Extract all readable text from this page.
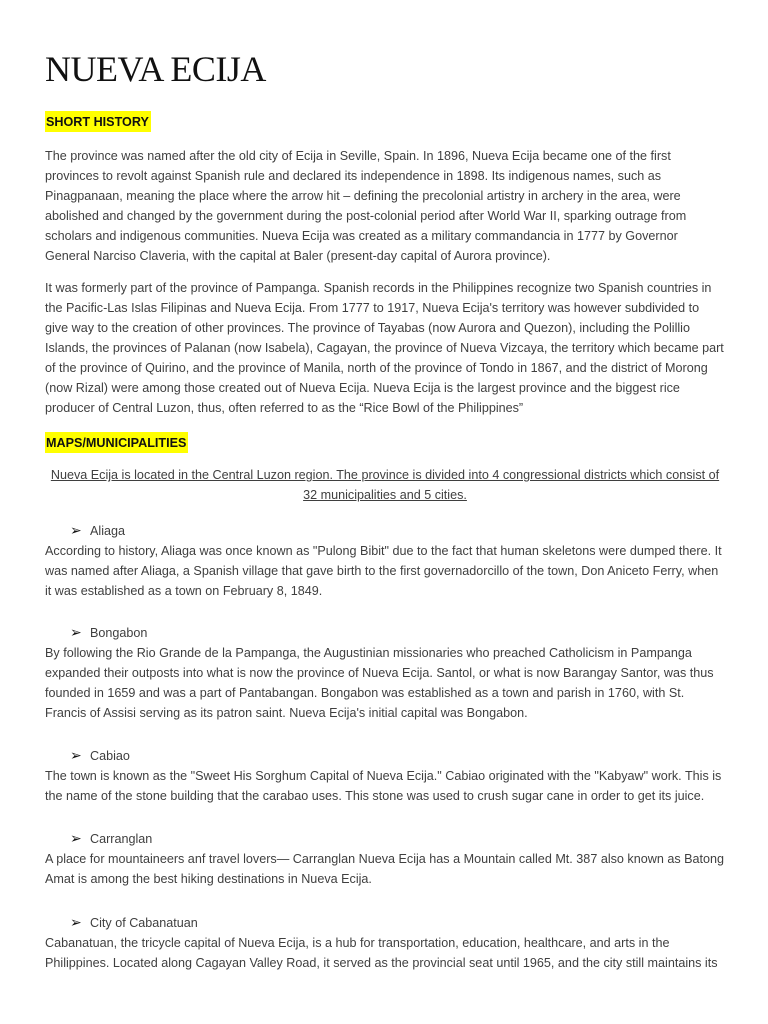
NUEVA ECIJA
SHORT HISTORY

The province was named after the old city of Ecija in Seville, Spain. In 1896, Nueva Ecija became one of the first provinces to revolt against Spanish rule and declared its independence in 1898. Its indigenous names, such as Pinagpanaan, meaning the place where the arrow hit – defining the precolonial artistry in archery in the area, were abolished and changed by the government during the post-colonial period after World War II, sparking outrage from scholars and indigenous communities. Nueva Ecija was created as a military commandancia in 1777 by Governor General Narciso Claveria, with the capital at Baler (present-day capital of Aurora province).

It was formerly part of the province of Pampanga. Spanish records in the Philippines recognize two Spanish countries in the Pacific-Las Islas Filipinas and Nueva Ecija. From 1777 to 1917, Nueva Ecija's territory was however subdivided to give way to the creation of other provinces. The province of Tayabas (now Aurora and Quezon), including the Polillio Islands, the provinces of Palanan (now Isabela), Cagayan, the province of Nueva Vizcaya, the territory which became part of the province of Quirino, and the province of Manila, north of the province of Tondo in 1867, and the district of Morong (now Rizal) were among those created out of Nueva Ecija. Nueva Ecija is the largest province and the biggest rice producer of Central Luzon, thus, often referred to as the “Rice Bowl of the Philippines”

MAPS/MUNICIPALITIES

Nueva Ecija is located in the Central Luzon region. The province is divided into 4 congressional districts which consist of 32 municipalities and 5 cities.

➢ Aliaga

According to history, Aliaga was once known as "Pulong Bibit" due to the fact that human skeletons were dumped there. It was named after Aliaga, a Spanish village that gave birth to the first governadorcillo of the town, Don Aniceto Ferry, when it was established as a town on February 8, 1849.

➢ Bongabon

By following the Rio Grande de la Pampanga, the Augustinian missionaries who preached Catholicism in Pampanga expanded their outposts into what is now the province of Nueva Ecija. Santol, or what is now Barangay Santor, was thus founded in 1659 and was a part of Pantabangan. Bongabon was established as a town and parish in 1760, with St. Francis of Assisi serving as its patron saint. Nueva Ecija's initial capital was Bongabon.

➢ Cabiao

The town is known as the "Sweet His Sorghum Capital of Nueva Ecija." Cabiao originated with the "Kabyaw" work. This is the name of the stone building that the carabao uses. This stone was used to crush sugar cane in order to get its juice.

➢ Carranglan

A place for mountaineers anf travel lovers— Carranglan Nueva Ecija has a Mountain called Mt. 387 also known as Batong Amat is among the best hiking destinations in Nueva Ecija.

➢ City of Cabanatuan

Cabanatuan, the tricycle capital of Nueva Ecija, is a hub for transportation, education, healthcare, and arts in the Philippines. Located along Cagayan Valley Road, it served as the provincial seat until 1965, and the city still maintains its
